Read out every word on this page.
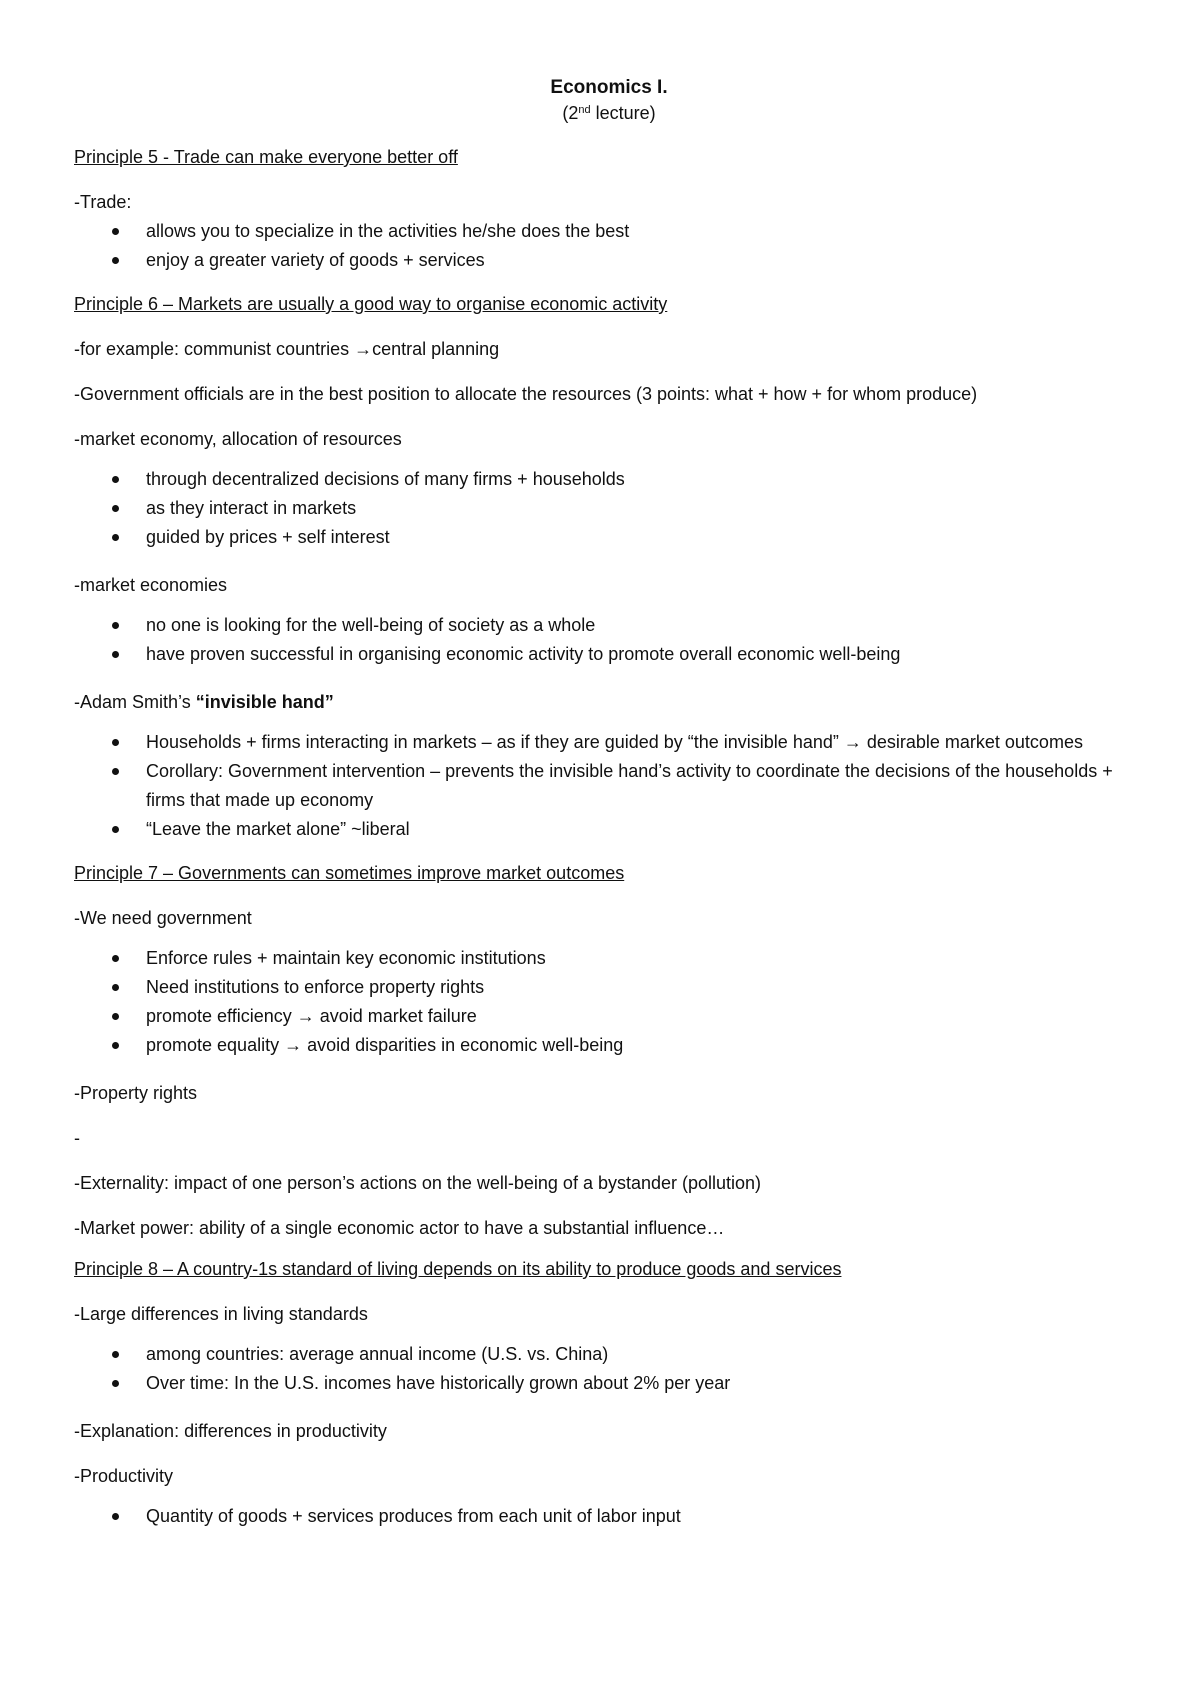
Economics I.
(2nd lecture)
Principle 5 - Trade can make everyone better off
-Trade:
allows you to specialize in the activities he/she does the best
enjoy a greater variety of goods + services
Principle 6 – Markets are usually a good way to organise economic activity
-for example: communist countries →central planning
-Government officials are in the best position to allocate the resources (3 points: what + how + for whom produce)
-market economy, allocation of resources
through decentralized decisions of many firms + households
as they interact in markets
guided by prices + self interest
-market economies
no one is looking for the well-being of society as a whole
have proven successful in organising economic activity to promote overall economic well-being
-Adam Smith’s “invisible hand”
Households + firms interacting in markets – as if they are guided by “the invisible hand” → desirable market outcomes
Corollary: Government intervention – prevents the invisible hand’s activity to coordinate the decisions of the households + firms that made up economy
“Leave the market alone” ~liberal
Principle 7 – Governments can sometimes improve market outcomes
-We need government
Enforce rules + maintain key economic institutions
Need institutions to enforce property rights
promote efficiency → avoid market failure
promote equality → avoid disparities in economic well-being
-Property rights
-
-Externality: impact of one person’s actions on the well-being of a bystander (pollution)
-Market power: ability of a single economic actor to have a substantial influence…
Principle 8 – A country-1s standard of living depends on its ability to produce goods and services
-Large differences in living standards
among countries: average annual income (U.S. vs. China)
Over time: In the U.S. incomes have historically grown about 2% per year
-Explanation: differences in productivity
-Productivity
Quantity of goods + services produces from each unit of labor input
